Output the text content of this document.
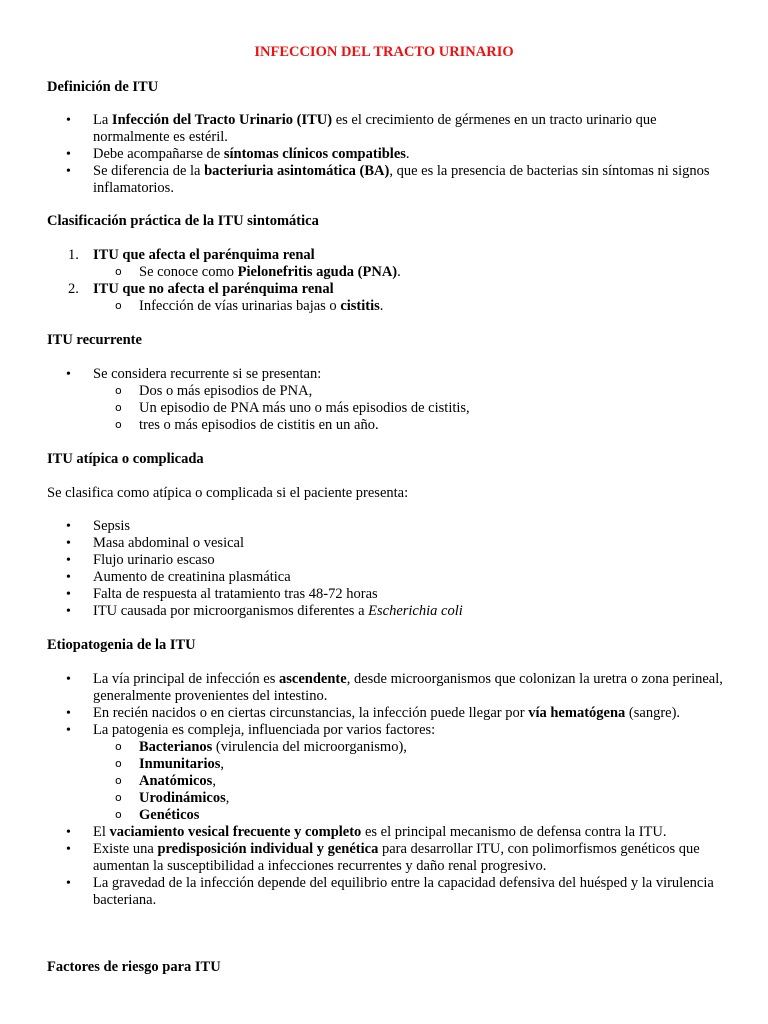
INFECCION DEL TRACTO URINARIO
Definición de ITU
• La Infección del Tracto Urinario (ITU) es el crecimiento de gérmenes en un tracto urinario que normalmente es estéril.
• Debe acompañarse de síntomas clínicos compatibles.
• Se diferencia de la bacteriuria asintomática (BA), que es la presencia de bacterias sin síntomas ni signos inflamatorios.
Clasificación práctica de la ITU sintomática
1. ITU que afecta el parénquima renal
o Se conoce como Pielonefritis aguda (PNA).
2. ITU que no afecta el parénquima renal
o Infección de vías urinarias bajas o cistitis.
ITU recurrente
• Se considera recurrente si se presentan:
o Dos o más episodios de PNA,
o Un episodio de PNA más uno o más episodios de cistitis,
o tres o más episodios de cistitis en un año.
ITU atípica o complicada
Se clasifica como atípica o complicada si el paciente presenta:
• Sepsis
• Masa abdominal o vesical
• Flujo urinario escaso
• Aumento de creatinina plasmática
• Falta de respuesta al tratamiento tras 48-72 horas
• ITU causada por microorganismos diferentes a Escherichia coli
Etiopatogenia de la ITU
• La vía principal de infección es ascendente, desde microorganismos que colonizan la uretra o zona perineal, generalmente provenientes del intestino.
• En recién nacidos o en ciertas circunstancias, la infección puede llegar por vía hematógena (sangre).
• La patogenia es compleja, influenciada por varios factores:
o Bacterianos (virulencia del microorganismo),
o Inmunitarios,
o Anatómicos,
o Urodinámicos,
o Genéticos
• El vaciamiento vesical frecuente y completo es el principal mecanismo de defensa contra la ITU.
• Existe una predisposición individual y genética para desarrollar ITU, con polimorfismos genéticos que aumentan la susceptibilidad a infecciones recurrentes y daño renal progresivo.
• La gravedad de la infección depende del equilibrio entre la capacidad defensiva del huésped y la virulencia bacteriana.
Factores de riesgo para ITU
